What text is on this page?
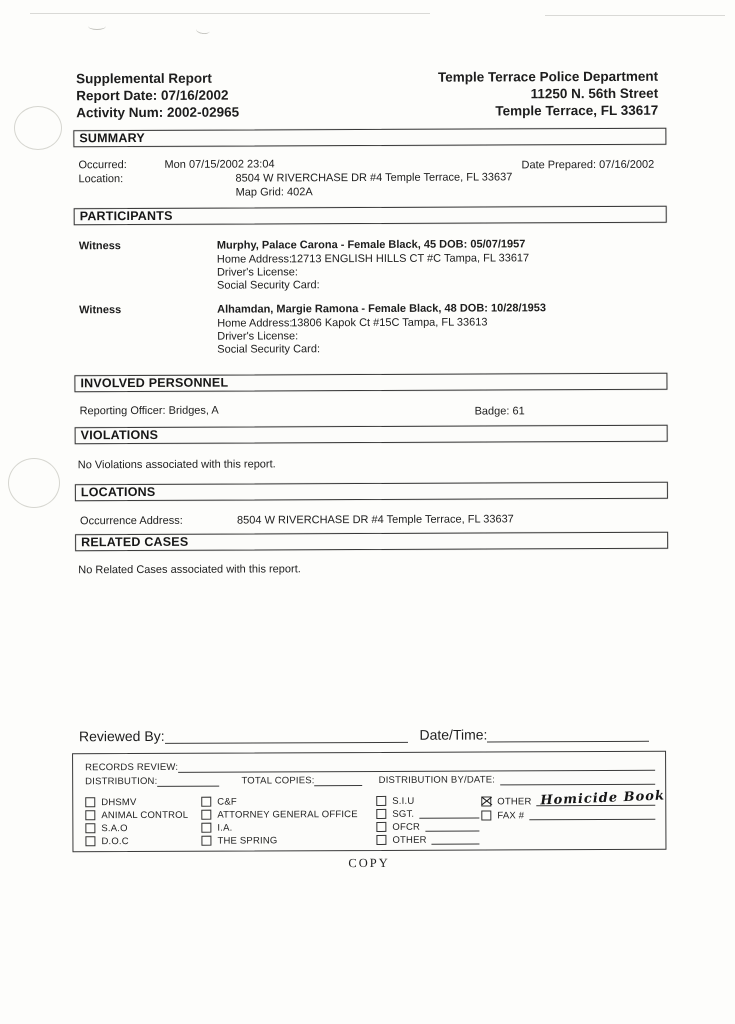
Supplemental Report
Report Date: 07/16/2002
Activity Num: 2002-02965
Temple Terrace Police Department
11250 N. 56th Street
Temple Terrace, FL 33617
SUMMARY
Occurred:	Mon 07/15/2002 23:04	Date Prepared: 07/16/2002
Location:	8504 W RIVERCHASE DR #4 Temple Terrace, FL 33637
Map Grid: 402A
PARTICIPANTS
Witness	Murphy, Palace Carona - Female Black, 45 DOB: 05/07/1957
Home Address:
12713 ENGLISH HILLS CT #C Tampa, FL 33617
Driver's License:
Social Security Card:
Witness	Alhamdan, Margie Ramona - Female Black, 48 DOB: 10/28/1953
Home Address:
13806 Kapok Ct #15C Tampa, FL 33613
Driver's License:
Social Security Card:
INVOLVED PERSONNEL
Reporting Officer: Bridges, A	Badge: 61
VIOLATIONS
No Violations associated with this report.
LOCATIONS
Occurrence Address:	8504 W RIVERCHASE DR #4 Temple Terrace, FL 33637
RELATED CASES
No Related Cases associated with this report.
Reviewed By:	Date/Time:
RECORDS REVIEW:
DISTRIBUTION:	TOTAL COPIES:	DISTRIBUTION BY/DATE:
DHSMV
ANIMAL CONTROL
S.A.O
D.O.C
C&F
ATTORNEY GENERAL OFFICE
I.A.
THE SPRING
S.I.U
SGT.
OFCR
OTHER
OTHER Homicide Book
FAX #
COPY
